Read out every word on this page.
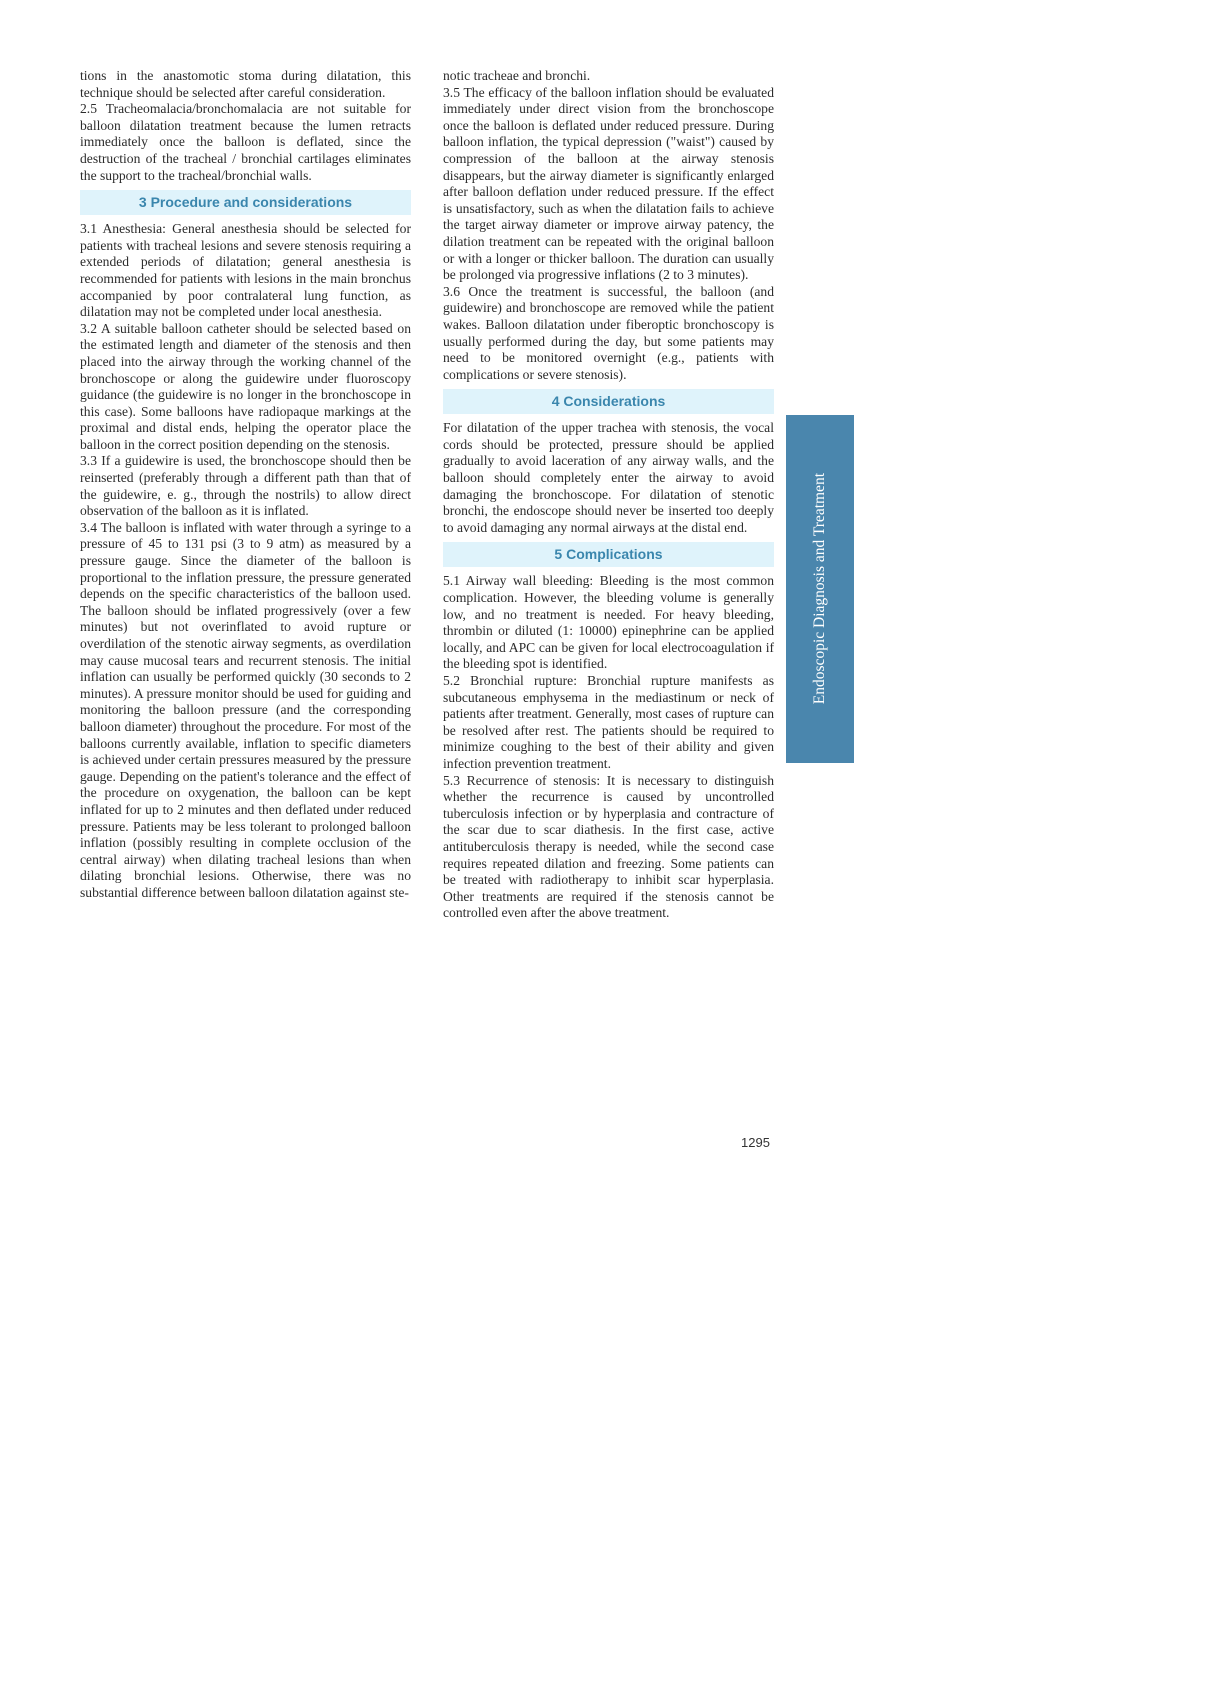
tions in the anastomotic stoma during dilatation, this technique should be selected after careful consideration.

2.5 Tracheomalacia/bronchomalacia are not suitable for balloon dilatation treatment because the lumen retracts immediately once the balloon is deflated, since the destruction of the tracheal / bronchial cartilages eliminates the support to the tracheal/bronchial walls.

3 Procedure and considerations

3.1 Anesthesia: General anesthesia should be selected for patients with tracheal lesions and severe stenosis requiring a extended periods of dilatation; general anesthesia is recommended for patients with lesions in the main bronchus accompanied by poor contralateral lung function, as dilatation may not be completed under local anesthesia.

3.2 A suitable balloon catheter should be selected based on the estimated length and diameter of the stenosis and then placed into the airway through the working channel of the bronchoscope or along the guidewire under fluoroscopy guidance (the guidewire is no longer in the bronchoscope in this case). Some balloons have radiopaque markings at the proximal and distal ends, helping the operator place the balloon in the correct position depending on the stenosis.

3.3 If a guidewire is used, the bronchoscope should then be reinserted (preferably through a different path than that of the guidewire, e. g., through the nostrils) to allow direct observation of the balloon as it is inflated.

3.4 The balloon is inflated with water through a syringe to a pressure of 45 to 131 psi (3 to 9 atm) as measured by a pressure gauge. Since the diameter of the balloon is proportional to the inflation pressure, the pressure generated depends on the specific characteristics of the balloon used. The balloon should be inflated progressively (over a few minutes) but not overinflated to avoid rupture or overdilation of the stenotic airway segments, as overdilation may cause mucosal tears and recurrent stenosis. The initial inflation can usually be performed quickly (30 seconds to 2 minutes). A pressure monitor should be used for guiding and monitoring the balloon pressure (and the corresponding balloon diameter) throughout the procedure. For most of the balloons currently available, inflation to specific diameters is achieved under certain pressures measured by the pressure gauge. Depending on the patient's tolerance and the effect of the procedure on oxygenation, the balloon can be kept inflated for up to 2 minutes and then deflated under reduced pressure. Patients may be less tolerant to prolonged balloon inflation (possibly resulting in complete occlusion of the central airway) when dilating tracheal lesions than when dilating bronchial lesions. Otherwise, there was no substantial difference between balloon dilatation against ste-

notic tracheae and bronchi.

3.5 The efficacy of the balloon inflation should be evaluated immediately under direct vision from the bronchoscope once the balloon is deflated under reduced pressure. During balloon inflation, the typical depression ("waist") caused by compression of the balloon at the airway stenosis disappears, but the airway diameter is significantly enlarged after balloon deflation under reduced pressure. If the effect is unsatisfactory, such as when the dilatation fails to achieve the target airway diameter or improve airway patency, the dilation treatment can be repeated with the original balloon or with a longer or thicker balloon. The duration can usually be prolonged via progressive inflations (2 to 3 minutes).

3.6 Once the treatment is successful, the balloon (and guidewire) and bronchoscope are removed while the patient wakes. Balloon dilatation under fiberoptic bronchoscopy is usually performed during the day, but some patients may need to be monitored overnight (e.g., patients with complications or severe stenosis).

4 Considerations

For dilatation of the upper trachea with stenosis, the vocal cords should be protected, pressure should be applied gradually to avoid laceration of any airway walls, and the balloon should completely enter the airway to avoid damaging the bronchoscope. For dilatation of stenotic bronchi, the endoscope should never be inserted too deeply to avoid damaging any normal airways at the distal end.

5 Complications

5.1 Airway wall bleeding: Bleeding is the most common complication. However, the bleeding volume is generally low, and no treatment is needed. For heavy bleeding, thrombin or diluted (1: 10000) epinephrine can be applied locally, and APC can be given for local electrocoagulation if the bleeding spot is identified.

5.2 Bronchial rupture: Bronchial rupture manifests as subcutaneous emphysema in the mediastinum or neck of patients after treatment. Generally, most cases of rupture can be resolved after rest. The patients should be required to minimize coughing to the best of their ability and given infection prevention treatment.

5.3 Recurrence of stenosis: It is necessary to distinguish whether the recurrence is caused by uncontrolled tuberculosis infection or by hyperplasia and contracture of the scar due to scar diathesis. In the first case, active antituberculosis therapy is needed, while the second case requires repeated dilation and freezing. Some patients can be treated with radiotherapy to inhibit scar hyperplasia. Other treatments are required if the stenosis cannot be controlled even after the above treatment.

Endoscopic Diagnosis and Treatment
1295
